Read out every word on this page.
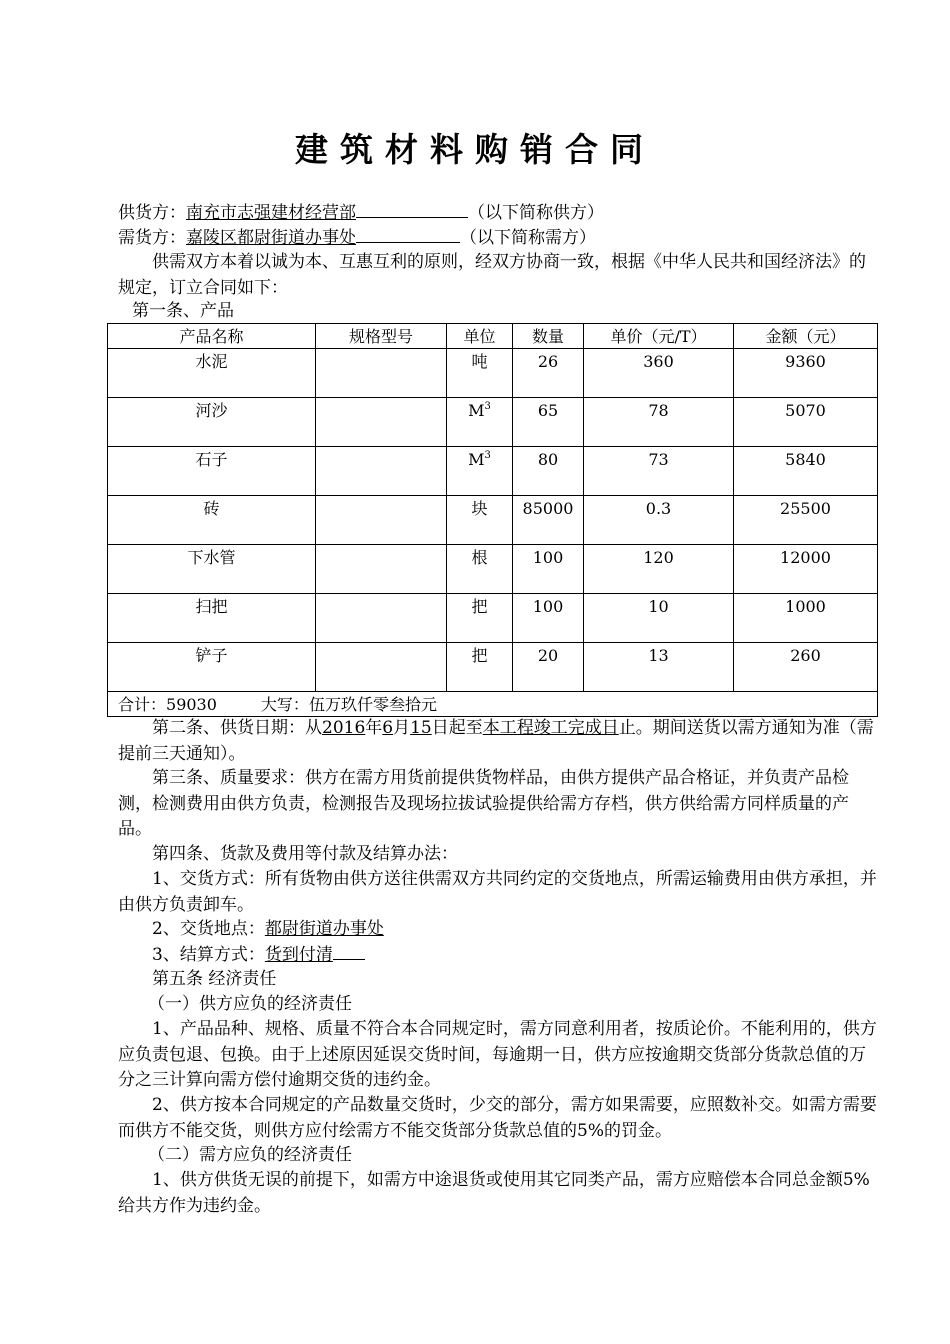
建筑材料购销合同
供货方：南充市志强建材经营部	（以下简称供方）
需货方：嘉陵区都尉街道办事处	（以下简称需方）
供需双方本着以诚为本、互惠互利的原则，经双方协商一致，根据《中华人民共和国经济法》的规定，订立合同如下：
第一条、产品
产品名称	规格型号	单位	数量	单价（元/T）	金额（元）
水泥		吨	26	360	9360
河沙		$M^3$	65	78	5070
石子		$M^3$	80	73	5840
砖		块	85000	0.3	25500
下水管		根	100	120	12000
扫把		把	100	10	1000
铲子		把	20	13	260
合计：59030 大写：伍万玖仟零叁拾元					
第二条、供货日期：从2016年6月15日起至本工程竣工完成日止。期间送货以需方通知为准（需提前三天通知）。
第三条、质量要求：供方在需方用货前提供货物样品，由供方提供产品合格证，并负责产品检测，检测费用由供方负责，检测报告及现场拉拔试验提供给需方存档，供方供给需方同样质量的产品。
第四条、货款及费用等付款及结算办法：
1、交货方式：所有货物由供方送往供需双方共同约定的交货地点，所需运输费用由供方承担，并由供方负责卸车。
2、交货地点：都尉街道办事处
3、结算方式：货到付清
第五条 经济责任
（一）供方应负的经济责任
1、产品品种、规格、质量不符合本合同规定时，需方同意利用者，按质论价。不能利用的，供方应负责包退、包换。由于上述原因延误交货时间，每逾期一日，供方应按逾期交货部分货款总值的万分之三计算向需方偿付逾期交货的违约金。
2、供方按本合同规定的产品数量交货时，少交的部分，需方如果需要，应照数补交。如需方需要而供方不能交货，则供方应付绘需方不能交货部分货款总值的5%的罚金。
（二）需方应负的经济责任
1、供方供货无误的前提下，如需方中途退货或使用其它同类产品，需方应赔偿本合同总金额5%给共方作为违约金。
